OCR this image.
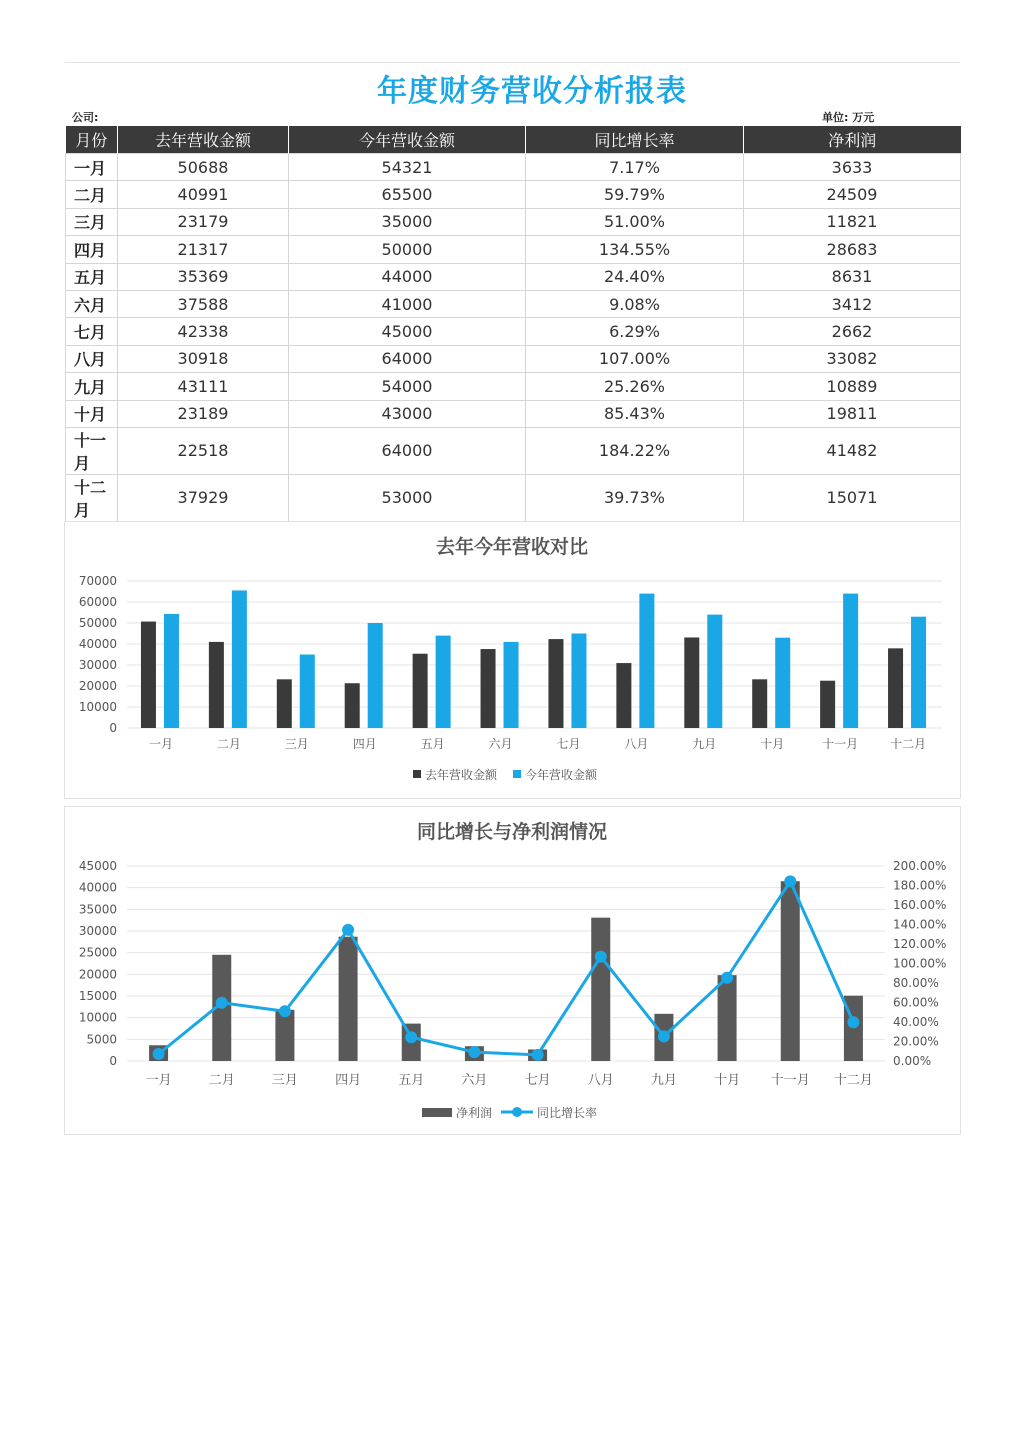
年度财务营收分析报表
公司:	单位: 万元
月份	去年营收金额	今年营收金额	同比增长率	净利润
一月	50688	54321	7.17%	3633
二月	40991	65500	59.79%	24509
三月	23179	35000	51.00%	11821
四月	21317	50000	134.55%	28683
五月	35369	44000	24.40%	8631
六月	37588	41000	9.08%	3412
七月	42338	45000	6.29%	2662
八月	30918	64000	107.00%	33082
九月	43111	54000	25.26%	10889
十月	23189	43000	85.43%	19811
十一月	22518	64000	184.22%	41482
十二月	37929	53000	39.73%	15071

去年今年营收对比
0
10000
20000
30000
40000
50000
60000
70000
一月	二月	三月	四月	五月	六月	七月	八月	九月	十月	十一月	十二月
去年营收金额 今年营收金额
同比增长与净利润情况
0
5000
10000
15000
20000
25000
30000
35000
40000
45000
0.00%
20.00%
40.00%
60.00%
80.00%
100.00%
120.00%
140.00%
160.00%
180.00%
200.00%
一月	二月	三月	四月	五月	六月	七月	八月	九月	十月 十一月 十二月
净利润	同比增长率
